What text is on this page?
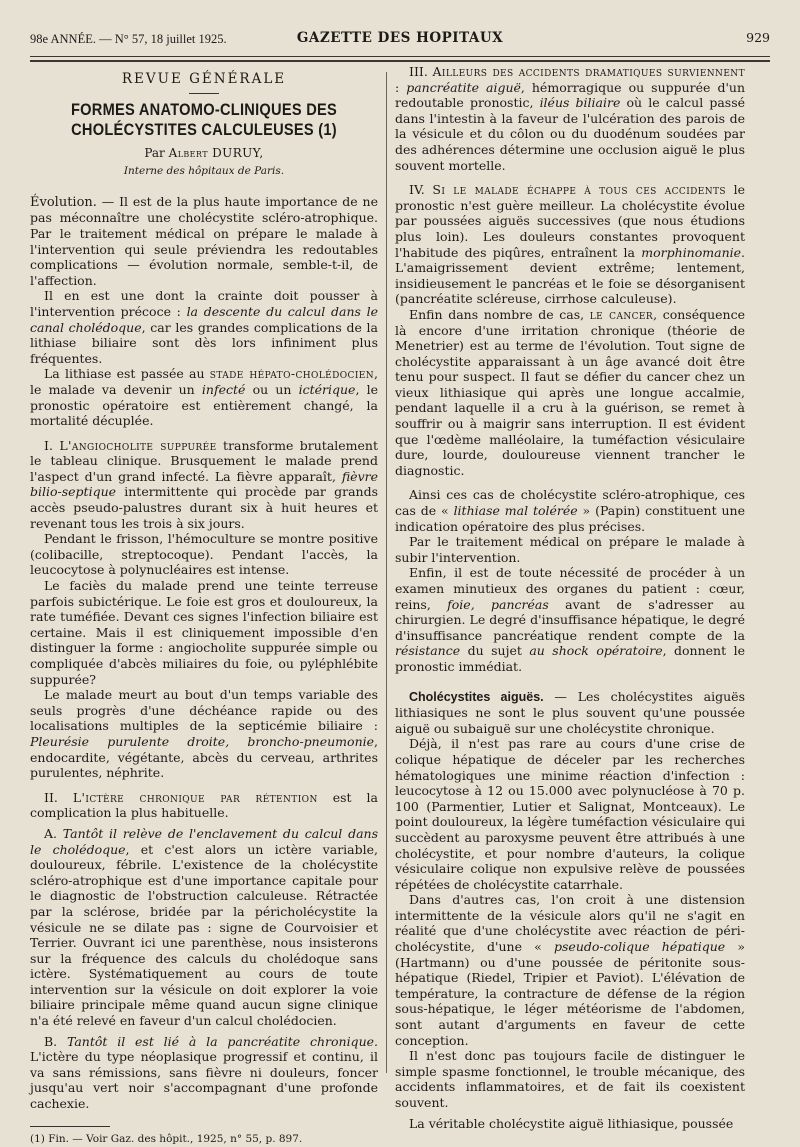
98e ANNÉE. — N° 57, 18 juillet 1925.	GAZETTE DES HOPITAUX	929
REVUE GÉNÉRALE
FORMES ANATOMO-CLINIQUES DES CHOLÉCYSTITES CALCULEUSES (1)
Par Albert DURUY,
Interne des hôpitaux de Paris.

Évolution. — Il est de la plus haute importance de ne pas méconnaître une cholécystite scléro-atrophique. Par le traitement médical on prépare le malade à l'intervention qui seule préviendra les redoutables complications — évolution normale, semble-t-il, de l'affection.

Il en est une dont la crainte doit pousser à l'intervention précoce : la descente du calcul dans le canal cholédoque, car les grandes complications de la lithiase biliaire sont dès lors infiniment plus fréquentes.

La lithiase est passée au stade hépato-cholédocien, le malade va devenir un infecté ou un ictérique, le pronostic opératoire est entièrement changé, la mortalité décuplée.

I. L'angiocholite suppurée transforme brutalement le tableau clinique. Brusquement le malade prend l'aspect d'un grand infecté. La fièvre apparaît, fièvre bilio-septique intermittente qui procède par grands accès pseudo-palustres durant six à huit heures et revenant tous les trois à six jours.

Pendant le frisson, l'hémoculture se montre positive (colibacille, streptocoque). Pendant l'accès, la leucocytose à polynucléaires est intense.

Le faciès du malade prend une teinte terreuse parfois subictérique. Le foie est gros et douloureux, la rate tuméfiée. Devant ces signes l'infection biliaire est certaine. Mais il est cliniquement impossible d'en distinguer la forme : angiocholite suppurée simple ou compliquée d'abcès miliaires du foie, ou pyléphlébite suppurée?

Le malade meurt au bout d'un temps variable des seuls progrès d'une déchéance rapide ou des localisations multiples de la septicémie biliaire : Pleurésie purulente droite, broncho-pneumonie, endocardite, végétante, abcès du cerveau, arthrites purulentes, néphrite.

II. L'ictère chronique par rétention est la complication la plus habituelle.

A. Tantôt il relève de l'enclavement du calcul dans le cholédoque, et c'est alors un ictère variable, douloureux, fébrile. L'existence de la cholécystite scléro-atrophique est d'une importance capitale pour le diagnostic de l'obstruction calculeuse. Rétractée par la sclérose, bridée par la péricholécystite la vésicule ne se dilate pas : signe de Courvoisier et Terrier. Ouvrant ici une parenthèse, nous insisterons sur la fréquence des calculs du cholédoque sans ictère. Systématiquement au cours de toute intervention sur la vésicule on doit explorer la voie biliaire principale même quand aucun signe clinique n'a été relevé en faveur d'un calcul cholédocien.

B. Tantôt il est lié à la pancréatite chronique. L'ictère du type néoplasique progressif et continu, il va sans rémissions, sans fièvre ni douleurs, foncer jusqu'au vert noir s'accompagnant d'une profonde cachexie.

(1) Fin. — Voir Gaz. des hôpit., 1925, n° 55, p. 897.

III. Ailleurs des accidents dramatiques surviennent : pancréatite aiguë, hémorragique ou suppurée d'un redoutable pronostic, iléus biliaire où le calcul passé dans l'intestin à la faveur de l'ulcération des parois de la vésicule et du côlon ou du duodénum soudées par des adhérences détermine une occlusion aiguë le plus souvent mortelle.

IV. Si le malade échappe à tous ces accidents le pronostic n'est guère meilleur. La cholécystite évolue par poussées aiguës successives (que nous étudions plus loin). Les douleurs constantes provoquent l'habitude des piqûres, entraînent la morphinomanie. L'amaigrissement devient extrême; lentement, insidieusement le pancréas et le foie se désorganisent (pancréatite scléreuse, cirrhose calculeuse).

Enfin dans nombre de cas, le cancer, conséquence là encore d'une irritation chronique (théorie de Menetrier) est au terme de l'évolution. Tout signe de cholécystite apparaissant à un âge avancé doit être tenu pour suspect. Il faut se défier du cancer chez un vieux lithiasique qui après une longue accalmie, pendant laquelle il a cru à la guérison, se remet à souffrir ou à maigrir sans interruption. Il est évident que l'œdème malléolaire, la tuméfaction vésiculaire dure, lourde, douloureuse viennent trancher le diagnostic.

Ainsi ces cas de cholécystite scléro-atrophique, ces cas de « lithiase mal tolérée » (Papin) constituent une indication opératoire des plus précises.

Par le traitement médical on prépare le malade à subir l'intervention.

Enfin, il est de toute nécessité de procéder à un examen minutieux des organes du patient : cœur, reins, foie, pancréas avant de s'adresser au chirurgien. Le degré d'insuffisance hépatique, le degré d'insuffisance pancréatique rendent compte de la résistance du sujet au shock opératoire, donnent le pronostic immédiat.

Cholécystites aiguës. — Les cholécystites aiguës lithiasiques ne sont le plus souvent qu'une poussée aiguë ou subaiguë sur une cholécystite chronique.

Déjà, il n'est pas rare au cours d'une crise de colique hépatique de déceler par les recherches hématologiques une minime réaction d'infection : leucocytose à 12 ou 15.000 avec polynucléose à 70 p. 100 (Parmentier, Lutier et Salignat, Montceaux). Le point douloureux, la légère tuméfaction vésiculaire qui succèdent au paroxysme peuvent être attribués à une cholécystite, et pour nombre d'auteurs, la colique vésiculaire colique non expulsive relève de poussées répétées de cholécystite catarrhale.

Dans d'autres cas, l'on croit à une distension intermittente de la vésicule alors qu'il ne s'agit en réalité que d'une cholécystite avec réaction de péri-cholécystite, d'une « pseudo-colique hépatique » (Hartmann) ou d'une poussée de péritonite sous-hépatique (Riedel, Tripier et Paviot). L'élévation de température, la contracture de défense de la région sous-hépatique, le léger météorisme de l'abdomen, sont autant d'arguments en faveur de cette conception.

Il n'est donc pas toujours facile de distinguer le simple spasme fonctionnel, le trouble mécanique, des accidents inflammatoires, et de fait ils coexistent souvent.

La véritable cholécystite aiguë lithiasique, poussée
